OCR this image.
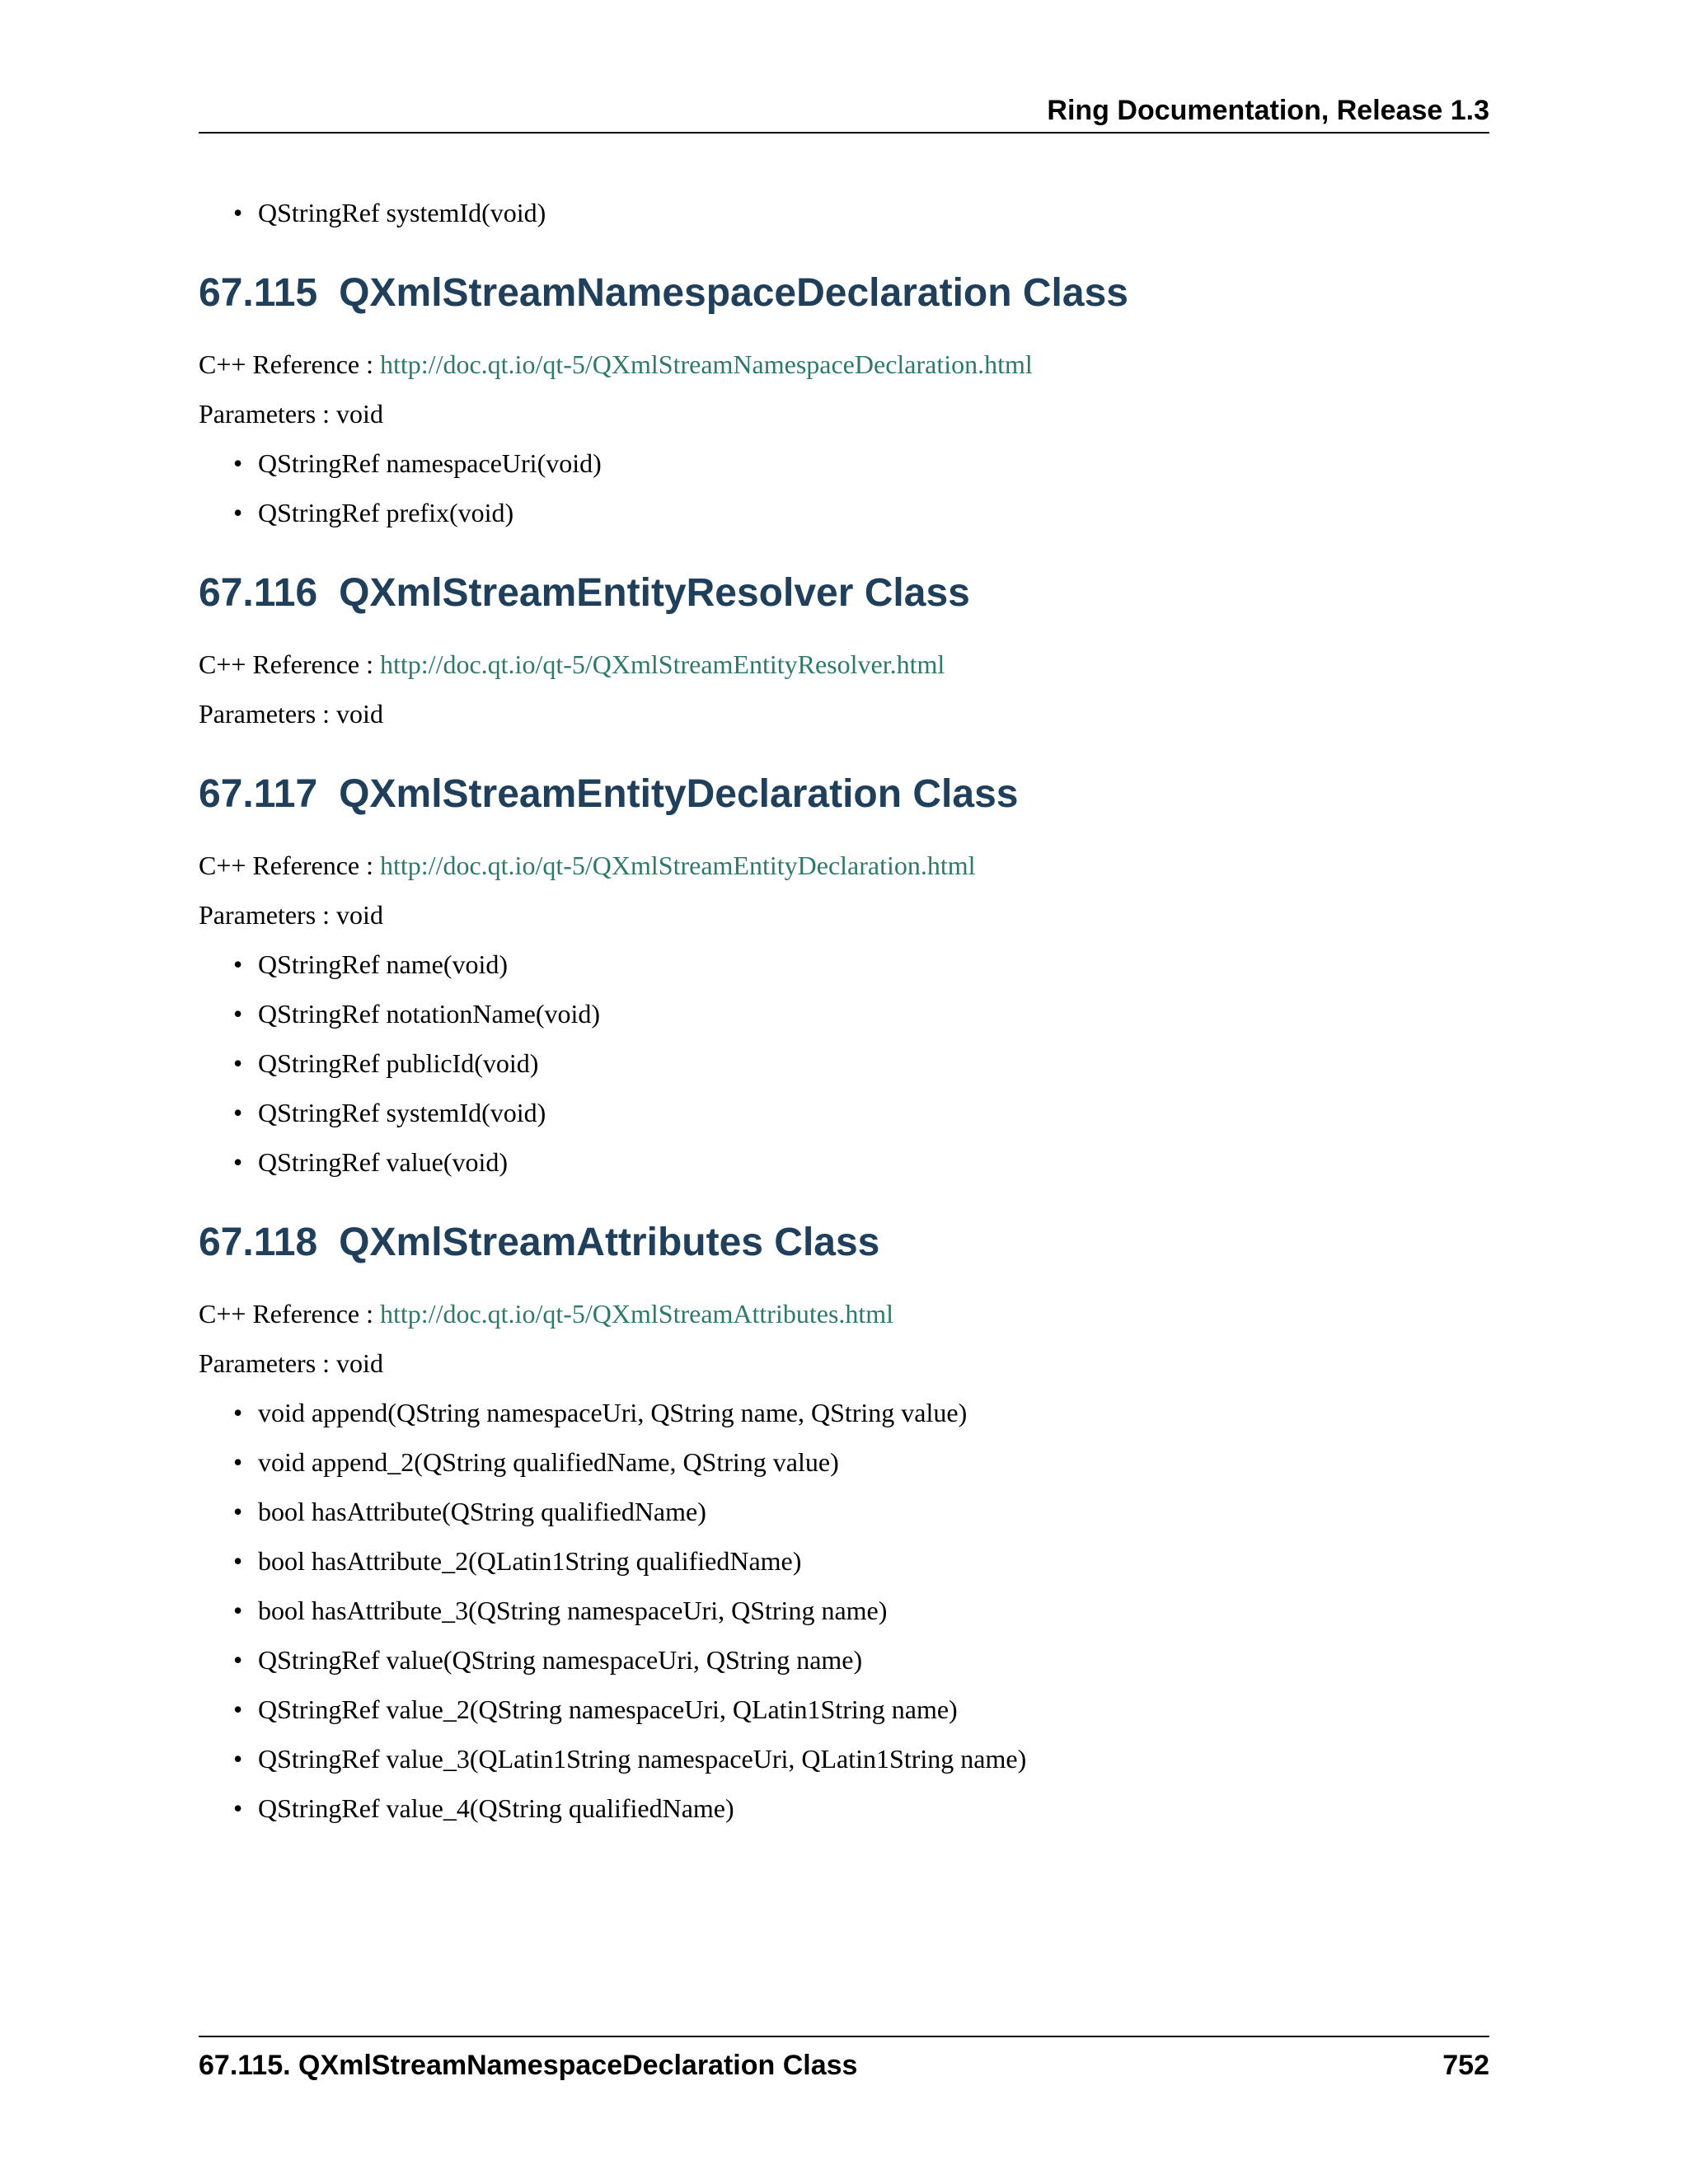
Ring Documentation, Release 1.3
• QStringRef systemId(void)
67.115 QXmlStreamNamespaceDeclaration Class

C++ Reference : http://doc.qt.io/qt-5/QXmlStreamNamespaceDeclaration.html

Parameters : void

• QStringRef namespaceUri(void)
• QStringRef prefix(void)
67.116 QXmlStreamEntityResolver Class

C++ Reference : http://doc.qt.io/qt-5/QXmlStreamEntityResolver.html

Parameters : void

67.117 QXmlStreamEntityDeclaration Class

C++ Reference : http://doc.qt.io/qt-5/QXmlStreamEntityDeclaration.html

Parameters : void

• QStringRef name(void)
• QStringRef notationName(void)
• QStringRef publicId(void)
• QStringRef systemId(void)
• QStringRef value(void)
67.118 QXmlStreamAttributes Class

C++ Reference : http://doc.qt.io/qt-5/QXmlStreamAttributes.html

Parameters : void

• void append(QString namespaceUri, QString name, QString value)
• void append_2(QString qualifiedName, QString value)
• bool hasAttribute(QString qualifiedName)
• bool hasAttribute_2(QLatin1String qualifiedName)
• bool hasAttribute_3(QString namespaceUri, QString name)
• QStringRef value(QString namespaceUri, QString name)
• QStringRef value_2(QString namespaceUri, QLatin1String name)
• QStringRef value_3(QLatin1String namespaceUri, QLatin1String name)
• QStringRef value_4(QString qualifiedName)
67.115. QXmlStreamNamespaceDeclaration Class	752
